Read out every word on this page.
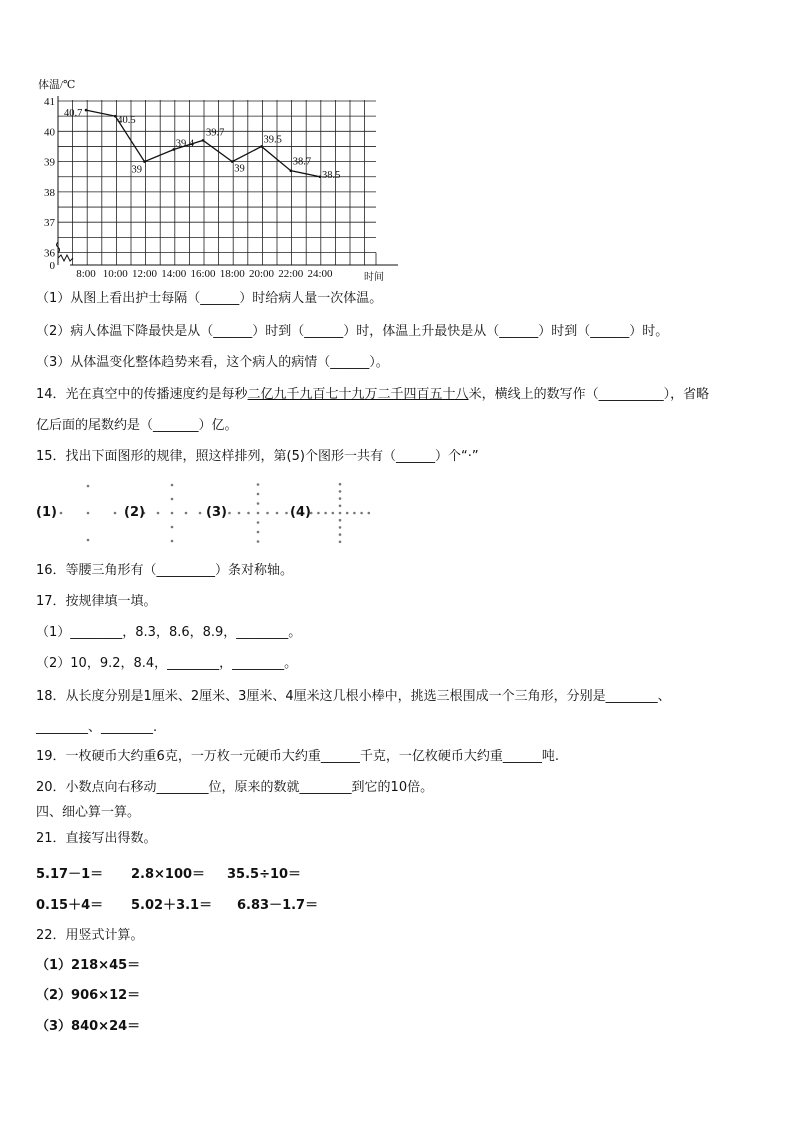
41
40
39
38
37
36
0
体温/℃
8:00 10:00 12:00 14:00 16:00 18:00 20:00 22:00 24:00	时间
40.7
40.5
39
39.4
39.7
39
39.5
38.7
38.5
（1）从图上看出护士每隔（______）时给病人量一次体温。
（2）病人体温下降最快是从（______）时到（______）时，体温上升最快是从（______）时到（______）时。
（3）从体温变化整体趋势来看，这个病人的病情（______）。
14．光在真空中的传播速度约是每秒二亿九千九百七十九万二千四百五十八米，横线上的数写作（__________），省略
亿后面的尾数约是（_______）亿。
15．找出下面图形的规律，照这样排列，第(5)个图形一共有（______）个“·”
(1)	(2)	(3)	(4)
16．等腰三角形有（_________）条对称轴。
17．按规律填一填。
（1）________，8.3，8.6，8.9，________。
（2）10，9.2，8.4，________，________。
18．从长度分别是1厘米、2厘米、3厘米、4厘米这几根小棒中，挑选三根围成一个三角形，分别是________、
________、________.
19．一枚硬币大约重6克，一万枚一元硬币大约重______千克，一亿枚硬币大约重______吨.
20．小数点向右移动________位，原来的数就________到它的10倍。
四、细心算一算。
21．直接写出得数。
5.17－1＝ 2.8×100＝ 35.5÷10＝
0.15＋4＝ 5.02＋3.1＝ 6.83－1.7＝
22．用竖式计算。
（1）218×45＝
（2）906×12＝
（3）840×24＝
